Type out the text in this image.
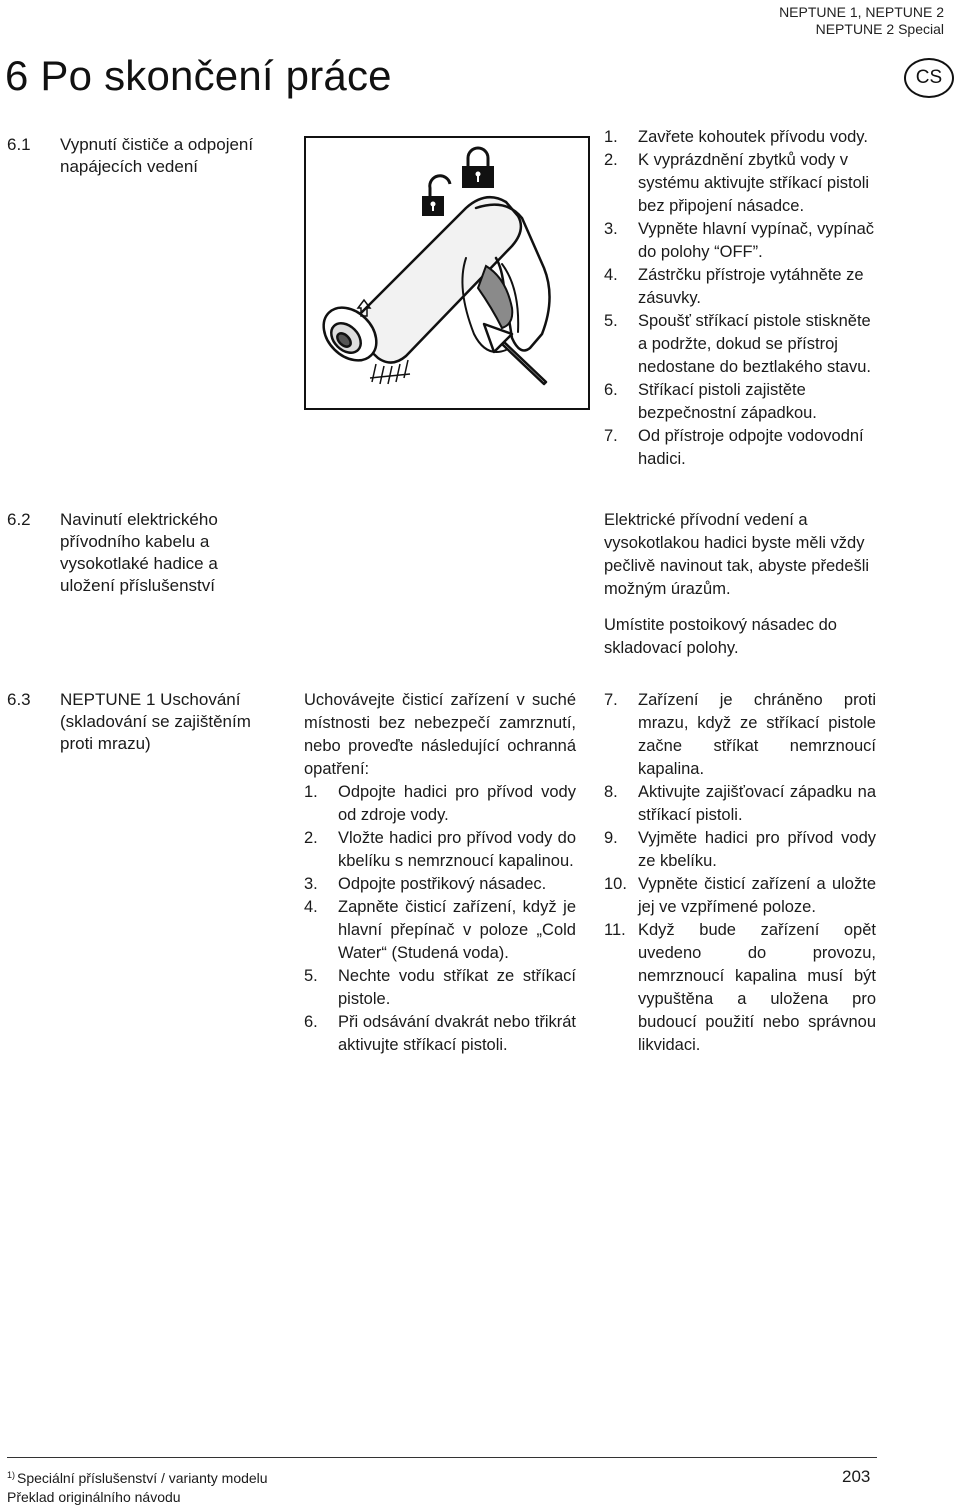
NEPTUNE 1, NEPTUNE 2
NEPTUNE 2 Special
6 Po skončení práce	CS
6.1 Vypnutí čističe a odpojení napájecích vedení
1. Zavřete kohoutek přívodu vody.
2. K vyprázdnění zbytků vody v systému aktivujte stříkací pistoli bez připojení násadce.
3. Vypněte hlavní vypínač, vypínač do polohy “OFF”.
4. Zástrčku přístroje vytáhněte ze zásuvky.
5. Spoušť stříkací pistole stiskněte a podržte, dokud se přístroj nedostane do beztlakého stavu.
6. Stříkací pistoli zajistěte bezpečnostní západkou.
7. Od přístroje odpojte vodovodní hadici.
6.2 Navinutí elektrického přívodního kabelu a vysokotlaké hadice a uložení příslušenství
Elektrické přívodní vedení a vysokotlakou hadici byste měli vždy pečlivě navinout tak, abyste předešli možným úrazům.
Umístite postoikový násadec do skladovací polohy.
6.3 NEPTUNE 1 Uschování (skladování se zajištěním proti mrazu)
Uchovávejte čisticí zařízení v suché místnosti bez nebezpečí zamrznutí, nebo proveďte následující ochranná opatření:
1. Odpojte hadici pro přívod vody od zdroje vody.
2. Vložte hadici pro přívod vody do kbelíku s nemrznoucí kapalinou.
3. Odpojte postřikový násadec.
4. Zapněte čisticí zařízení, když je hlavní přepínač v poloze „Cold Water“ (Studená voda).
5. Nechte vodu stříkat ze stříkací pistole.
6. Při odsávání dvakrát nebo třikrát aktivujte stříkací pistoli.
7. Zařízení je chráněno proti mrazu, když ze stříkací pistole začne stříkat nemrznoucí kapalina.
8. Aktivujte zajišťovací západku na stříkací pistoli.
9. Vyjměte hadici pro přívod vody ze kbelíku.
10. Vypněte čisticí zařízení a uložte jej ve vzpřímené poloze.
11. Když bude zařízení opět uvedeno do provozu, nemrznoucí kapalina musí být vypuštěna a uložena pro budoucí použití nebo správnou likvidaci.
$^{1)}$ Speciální příslušenství / varianty modelu
Překlad originálního návodu
203
